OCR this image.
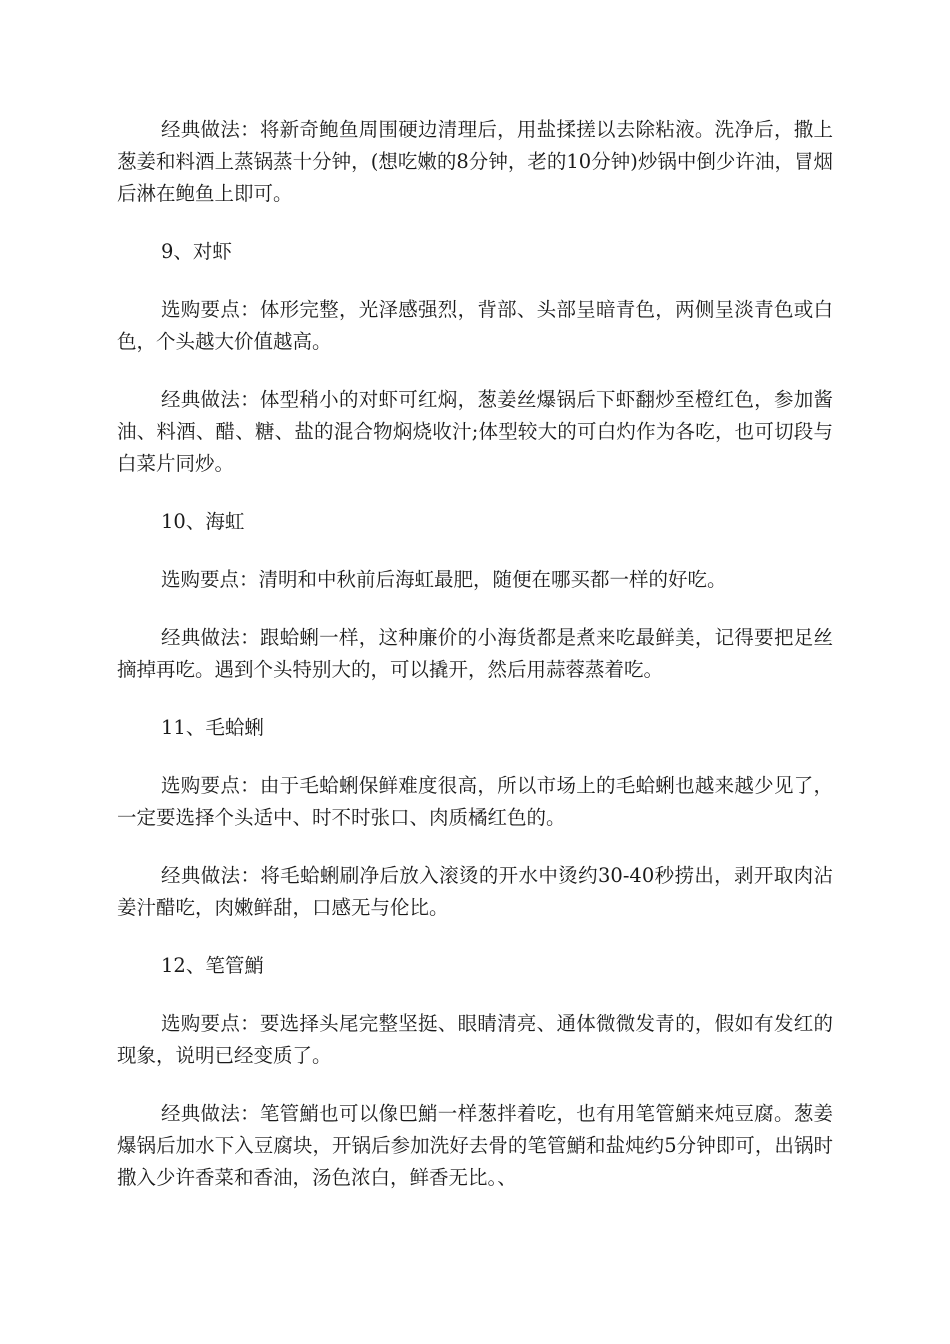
经典做法：将新奇鲍鱼周围硬边清理后，用盐揉搓以去除粘液。洗净后，撒上葱姜和料酒上蒸锅蒸十分钟，(想吃嫩的8分钟，老的10分钟)炒锅中倒少许油，冒烟后淋在鲍鱼上即可。

9、对虾

选购要点：体形完整，光泽感强烈，背部、头部呈暗青色，两侧呈淡青色或白色，个头越大价值越高。

经典做法：体型稍小的对虾可红焖，葱姜丝爆锅后下虾翻炒至橙红色，参加酱油、料酒、醋、糖、盐的混合物焖烧收汁;体型较大的可白灼作为各吃，也可切段与白菜片同炒。

10、海虹

选购要点：清明和中秋前后海虹最肥，随便在哪买都一样的好吃。

经典做法：跟蛤蜊一样，这种廉价的小海货都是煮来吃最鲜美，记得要把足丝摘掉再吃。遇到个头特别大的，可以撬开，然后用蒜蓉蒸着吃。

11、毛蛤蜊

选购要点：由于毛蛤蜊保鲜难度很高，所以市场上的毛蛤蜊也越来越少见了，一定要选择个头适中、时不时张口、肉质橘红色的。

经典做法：将毛蛤蜊刷净后放入滚烫的开水中烫约30-40秒捞出，剥开取肉沾姜汁醋吃，肉嫩鲜甜，口感无与伦比。

12、笔管鮹

选购要点：要选择头尾完整坚挺、眼睛清亮、通体微微发青的，假如有发红的现象，说明已经变质了。

经典做法：笔管鮹也可以像巴鮹一样葱拌着吃，也有用笔管鮹来炖豆腐。葱姜爆锅后加水下入豆腐块，开锅后参加洗好去骨的笔管鮹和盐炖约5分钟即可，出锅时撒入少许香菜和香油，汤色浓白，鲜香无比。、
